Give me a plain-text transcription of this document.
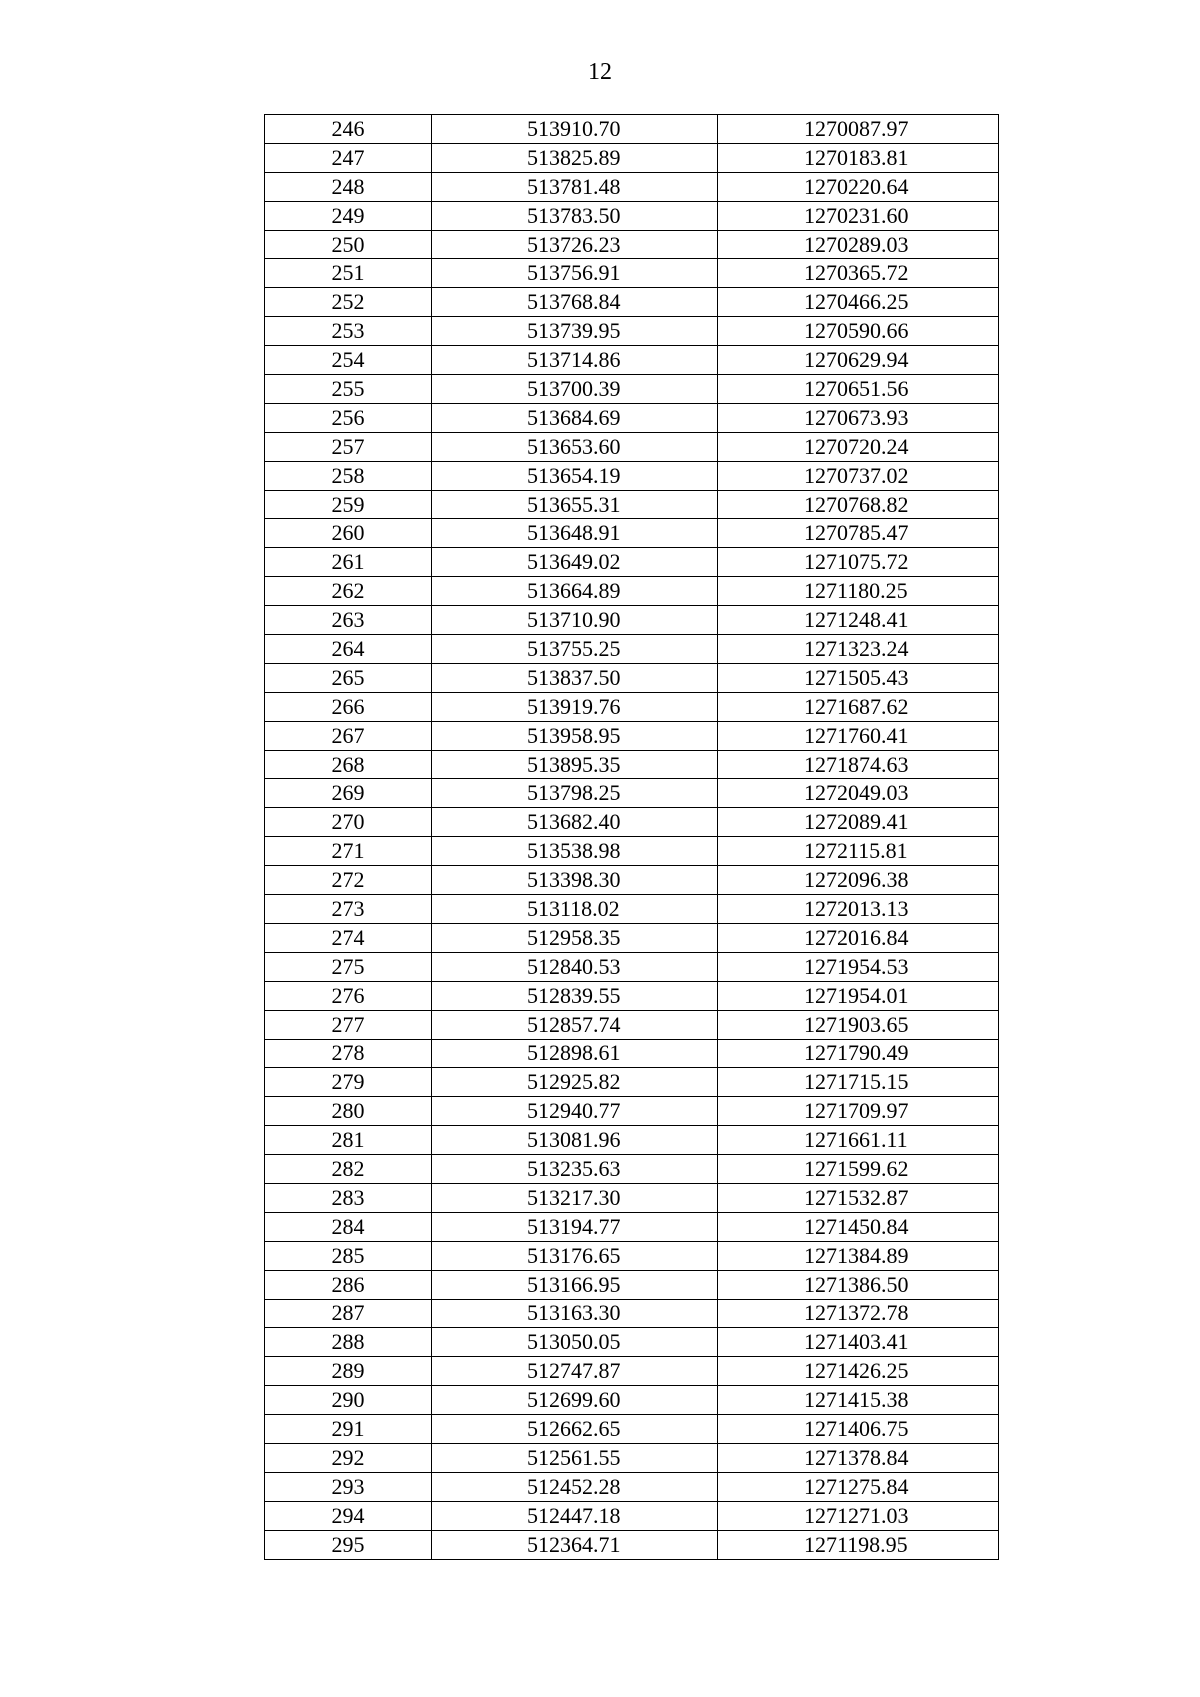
12
246	513910.70	1270087.97
247	513825.89	1270183.81
248	513781.48	1270220.64
249	513783.50	1270231.60
250	513726.23	1270289.03
251	513756.91	1270365.72
252	513768.84	1270466.25
253	513739.95	1270590.66
254	513714.86	1270629.94
255	513700.39	1270651.56
256	513684.69	1270673.93
257	513653.60	1270720.24
258	513654.19	1270737.02
259	513655.31	1270768.82
260	513648.91	1270785.47
261	513649.02	1271075.72
262	513664.89	1271180.25
263	513710.90	1271248.41
264	513755.25	1271323.24
265	513837.50	1271505.43
266	513919.76	1271687.62
267	513958.95	1271760.41
268	513895.35	1271874.63
269	513798.25	1272049.03
270	513682.40	1272089.41
271	513538.98	1272115.81
272	513398.30	1272096.38
273	513118.02	1272013.13
274	512958.35	1272016.84
275	512840.53	1271954.53
276	512839.55	1271954.01
277	512857.74	1271903.65
278	512898.61	1271790.49
279	512925.82	1271715.15
280	512940.77	1271709.97
281	513081.96	1271661.11
282	513235.63	1271599.62
283	513217.30	1271532.87
284	513194.77	1271450.84
285	513176.65	1271384.89
286	513166.95	1271386.50
287	513163.30	1271372.78
288	513050.05	1271403.41
289	512747.87	1271426.25
290	512699.60	1271415.38
291	512662.65	1271406.75
292	512561.55	1271378.84
293	512452.28	1271275.84
294	512447.18	1271271.03
295	512364.71	1271198.95
